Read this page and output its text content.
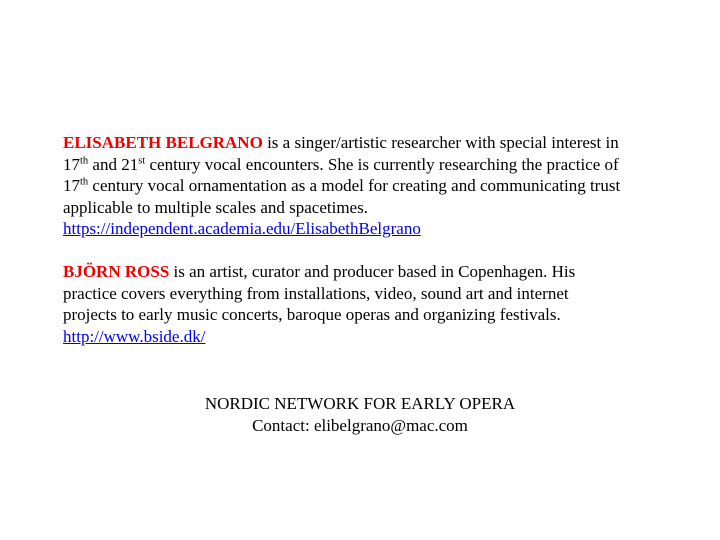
ELISABETH BELGRANO is a singer/artistic researcher with special interest in
17th and 21st century vocal encounters. She is currently researching the practice of
17th century vocal ornamentation as a model for creating and communicating trust
applicable to multiple scales and spacetimes.
https://independent.academia.edu/ElisabethBelgrano
BJÖRN ROSS is an artist, curator and producer based in Copenhagen. His
practice covers everything from installations, video, sound art and internet
projects to early music concerts, baroque operas and organizing festivals.
http://www.bside.dk/
NORDIC NETWORK FOR EARLY OPERA
Contact: elibelgrano@mac.com
